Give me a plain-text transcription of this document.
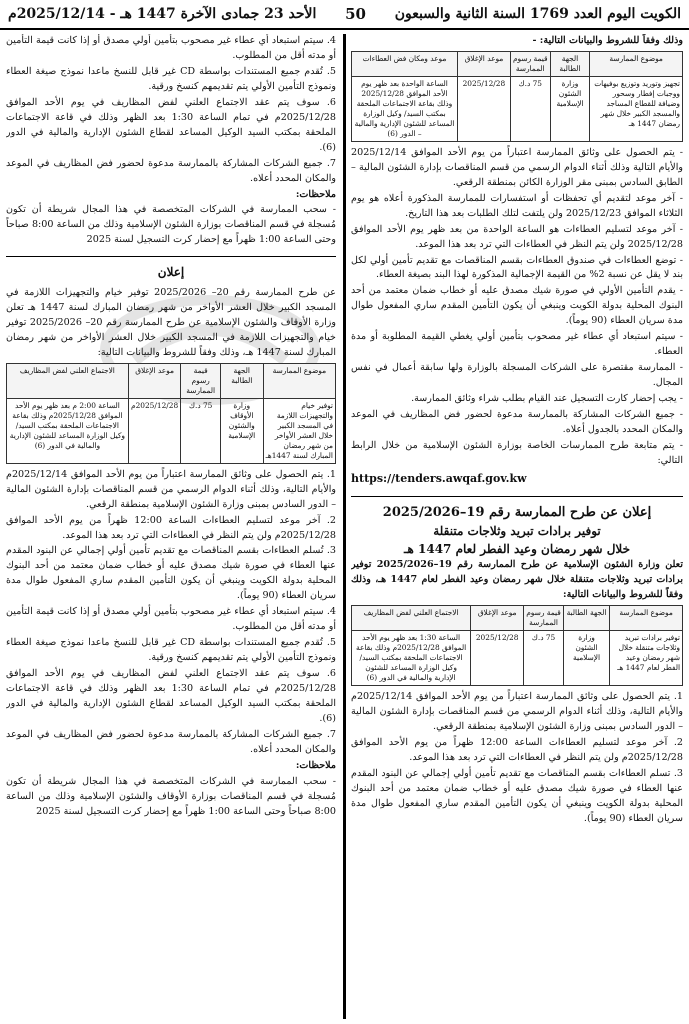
الكويت اليوم العدد 1769 السنة الثانية والسبعون
50
الأحد 23 جمادى الآخرة 1447 هـ - 2025/12/14م

وذلك وفقاً للشروط والبيانات التالية: -

موضوع الممارسة	الجهة الطالبة	قيمة رسوم الممارسة	موعد الإغلاق	موعد ومكان فض العطاءات
تجهيز وتوريد وتوزيع بوفيهات ووجبات إفطار وسحور وضيافة للقطاع المساجد والمسجد الكبير خلال شهر رمضان 1447 هـ	وزارة الشئون الإسلامية	75 د.ك	2025/12/28	الساعة الواحدة بعد ظهر يوم الأحد الموافق 2025/12/28 وذلك بقاعة الاجتماعات الملحقة بمكتب السيد/ وكيل الوزارة المساعد للشئون الإدارية والمالية – الدور (6)

- يتم الحصول على وثائق الممارسة اعتباراً من يوم الأحد الموافق 2025/12/14 والأيام التالية وذلك أثناء الدوام الرسمي من قسم المناقصات بإدارة الشئون المالية – الطابق السادس بمبنى مقر الوزارة الكائن بمنطقة الرقعي.

- آخر موعد لتقديم أي تحفظات أو استفسارات للممارسة المذكورة أعلاه هو يوم الثلاثاء الموافق 2025/12/23 ولن يلتفت لتلك الطلبات بعد هذا التاريخ.

- آخر موعد لتسليم العطاءات هو الساعة الواحدة من بعد ظهر يوم الأحد الموافق 2025/12/28 ولن يتم النظر في العطاءات التي ترد بعد هذا الموعد.

- توضع العطاءات في صندوق العطاءات بقسم المناقصات مع تقديم تأمين أولي لكل بند لا يقل عن نسبة 2% من القيمة الإجمالية المذكورة لهذا البند بصيغة العطاء.

- يقدم التأمين الأولي في صورة شيك مصدق عليه أو خطاب ضمان معتمد من أحد البنوك المحلية بدولة الكويت وينبغي أن يكون التأمين المقدم ساري المفعول طوال مدة سريان العطاء (90 يوماً).

- سيتم استبعاد أي عطاء غير مصحوب بتأمين أولي يغطي القيمة المطلوبة أو مدة العطاء.

- الممارسة مقتصرة على الشركات المسجلة بالوزارة ولها سابقة أعمال في نفس المجال.

- يجب إحضار كارت التسجيل عند القيام بطلب شراء وثائق الممارسة.

- جميع الشركات المشاركة بالممارسة مدعوة لحضور فض المظاريف في الموعد والمكان المحدد بالجدول أعلاه.

- يتم متابعة طرح الممارسات الخاصة بوزارة الشئون الإسلامية من خلال الرابط التالي:

https://tenders.awqaf.gov.kw

إعلان عن طرح الممارسة رقم 19–2025/2026
توفير برادات تبريد وثلاجات متنقلة
خلال شهر رمضان وعيد الفطر لعام 1447 هـ

تعلن وزارة الشئون الإسلامية عن طرح الممارسة رقم 19–2025/2026 توفير برادات تبريد وثلاجات متنقلة خلال شهر رمضان وعيد الفطر لعام 1447 هـ، وذلك وفقاً للشروط والبيانات التالية:

موضوع الممارسة	الجهة الطالبة	قيمة رسوم الممارسة	موعد الإغلاق	الاجتماع العلني لفض المظاريف
توفير برادات تبريد وثلاجات متنقلة خلال شهر رمضان وعيد الفطر لعام 1447 هـ	وزارة الشئون الإسلامية	75 د.ك	2025/12/28	الساعة 1:30 بعد ظهر يوم الأحد الموافق 2025/12/28م وذلك بقاعة الاجتماعات الملحقة بمكتب السيد/ وكيل الوزارة المساعد للشئون الإدارية والمالية في الدور (6)

1. يتم الحصول على وثائق الممارسة اعتباراً من يوم الأحد الموافق 2025/12/14م والأيام التالية، وذلك أثناء الدوام الرسمي من قسم المناقصات بإدارة الشئون المالية – الدور السادس بمبنى وزارة الشئون الإسلامية بمنطقة الرقعي.

2. آخر موعد لتسليم العطاءات الساعة 12:00 ظهراً من يوم الأحد الموافق 2025/12/28م ولن يتم النظر في العطاءات التي ترد بعد هذا الموعد.

3. تسلم العطاءات بقسم المناقصات مع تقديم تأمين أولي إجمالي عن البنود المقدم عنها العطاء في صورة شيك مصدق عليه أو خطاب ضمان معتمد من أحد البنوك المحلية بدولة الكويت وينبغي أن يكون التأمين المقدم ساري المفعول طوال مدة سريان العطاء (90 يوماً).

4. سيتم استبعاد أي عطاء غير مصحوب بتأمين أولي مصدق أو إذا كانت قيمة التأمين أو مدته أقل من المطلوب.

5. تُقدم جميع المستندات بواسطة CD غير قابل للنسخ ماعدا نموذج صيغة العطاء ونموذج التأمين الأولي يتم تقديمهم كنسخ ورقية.

6. سوف يتم عقد الاجتماع العلني لفض المظاريف في يوم الأحد الموافق 2025/12/28م في تمام الساعة 1:30 بعد الظهر وذلك في قاعة الاجتماعات الملحقة بمكتب السيد الوكيل المساعد لقطاع الشئون الإدارية والمالية في الدور (6).

7. جميع الشركات المشاركة بالممارسة مدعوة لحضور فض المظاريف في الموعد والمكان المحدد أعلاه.

ملاحظات:

- سحب الممارسة في الشركات المتخصصة في هذا المجال شريطة أن تكون مُسجلة في قسم المناقصات بوزارة الشئون الإسلامية وذلك من الساعة 8:00 صباحاً وحتى الساعة 1:00 ظهراً مع إحضار كرت التسجيل لسنة 2025

إعلان

عن طرح الممارسة رقم 20– 2025/2026 توفير خيام والتجهيزات اللازمة في المسجد الكبير خلال العشر الأواخر من شهر رمضان المبارك لسنة 1447 هـ تعلن وزارة الأوقاف والشئون الإسلامية عن طرح الممارسة رقم 20– 2025/2026 توفير خيام والتجهيزات اللازمة في المسجد الكبير خلال العشر الأواخر من شهر رمضان المبارك لسنة 1447 هـ، وذلك وفقاً للشروط والبيانات التالية:

موضوع الممارسة	الجهة الطالبة	قيمة رسوم الممارسة	موعد الإغلاق	الاجتماع العلني لفض المظاريف
توفير خيام والتجهيزات اللازمة في المسجد الكبير خلال العشر الأواخر من شهر رمضان المبارك لسنة 1447هـ	وزارة الأوقاف والشئون الإسلامية	75 د.ك	2025/12/28م	الساعة 2:00 م بعد ظهر يوم الأحد الموافق 2025/12/28م وذلك بقاعة الاجتماعات الملحقة بمكتب السيد/ وكيل الوزارة المساعد للشئون الإدارية والمالية في الدور (6)

1. يتم الحصول على وثائق الممارسة اعتباراً من يوم الأحد الموافق 2025/12/14م والأيام التالية، وذلك أثناء الدوام الرسمي من قسم المناقصات بإدارة الشئون المالية – الدور السادس بمبنى وزارة الشئون الإسلامية بمنطقة الرقعي.

2. آخر موعد لتسليم العطاءات الساعة 12:00 ظهراً من يوم الأحد الموافق 2025/12/28م ولن يتم النظر في العطاءات التي ترد بعد هذا الموعد.

3. تُسلم العطاءات بقسم المناقصات مع تقديم تأمين أولي إجمالي عن البنود المقدم عنها العطاء في صورة شيك مصدق عليه أو خطاب ضمان معتمد من أحد البنوك المحلية بدولة الكويت وينبغي أن يكون التأمين المقدم ساري المفعول طوال مدة سريان العطاء (90 يوماً).

4. سيتم استبعاد أي عطاء غير مصحوب بتأمين أولي مصدق أو إذا كانت قيمة التأمين أو مدته أقل من المطلوب.

5. تُقدم جميع المستندات بواسطة CD غير قابل للنسخ ماعدا نموذج صيغة العطاء ونموذج التأمين الأولي يتم تقديمهم كنسخ ورقية.

6. سوف يتم عقد الاجتماع العلني لفض المظاريف في يوم الأحد الموافق 2025/12/28م في تمام الساعة 1:30 بعد الظهر وذلك في قاعة الاجتماعات الملحقة بمكتب السيد الوكيل المساعد لقطاع الشئون الإدارية والمالية في الدور (6).

7. جميع الشركات المشاركة بالممارسة مدعوة لحضور فض المظاريف في الموعد والمكان المحدد أعلاه.

ملاحظات:

- سحب الممارسة في الشركات المتخصصة في هذا المجال شريطة أن تكون مُسجلة في قسم المناقصات بوزارة الأوقاف والشئون الإسلامية وذلك من الساعة 8:00 صباحاً وحتى الساعة 1:00 ظهراً مع إحضار كرت التسجيل لسنة 2025
